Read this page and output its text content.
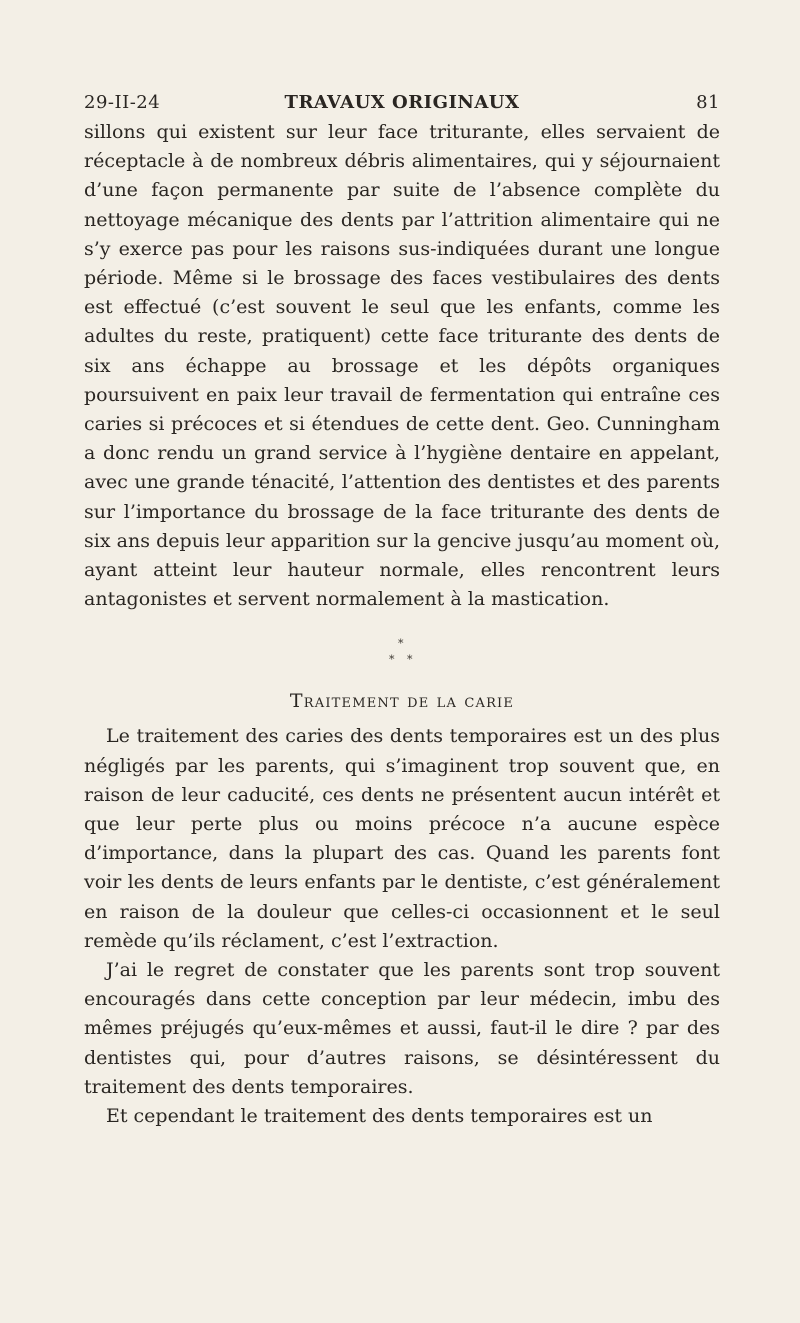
29-II-24	TRAVAUX ORIGINAUX	81

sillons qui existent sur leur face triturante, elles servaient de réceptacle à de nombreux débris alimentaires, qui y séjournaient d’une façon permanente par suite de l’absence complète du nettoyage mécanique des dents par l’attrition alimentaire qui ne s’y exerce pas pour les raisons sus-indiquées durant une longue période. Même si le brossage des faces vestibulaires des dents est effectué (c’est souvent le seul que les enfants, comme les adultes du reste, pratiquent) cette face triturante des dents de six ans échappe au brossage et les dépôts organiques poursuivent en paix leur travail de fermentation qui entraîne ces caries si précoces et si étendues de cette dent. Geo. Cunningham a donc rendu un grand service à l’hygiène dentaire en appelant, avec une grande ténacité, l’attention des dentistes et des parents sur l’importance du brossage de la face triturante des dents de six ans depuis leur apparition sur la gencive jusqu’au moment où, ayant atteint leur hauteur normale, elles rencontrent leurs antagonistes et servent normalement à la mastication.

*
* *
Traitement de la carie

Le traitement des caries des dents temporaires est un des plus négligés par les parents, qui s’imaginent trop souvent que, en raison de leur caducité, ces dents ne présentent aucun intérêt et que leur perte plus ou moins précoce n’a aucune espèce d’importance, dans la plupart des cas. Quand les parents font voir les dents de leurs enfants par le dentiste, c’est généralement en raison de la douleur que celles-ci occasionnent et le seul remède qu’ils réclament, c’est l’extraction.

J’ai le regret de constater que les parents sont trop souvent encouragés dans cette conception par leur médecin, imbu des mêmes préjugés qu’eux-mêmes et aussi, faut-il le dire ? par des dentistes qui, pour d’autres raisons, se désintéressent du traitement des dents temporaires.

Et cependant le traitement des dents temporaires est un
